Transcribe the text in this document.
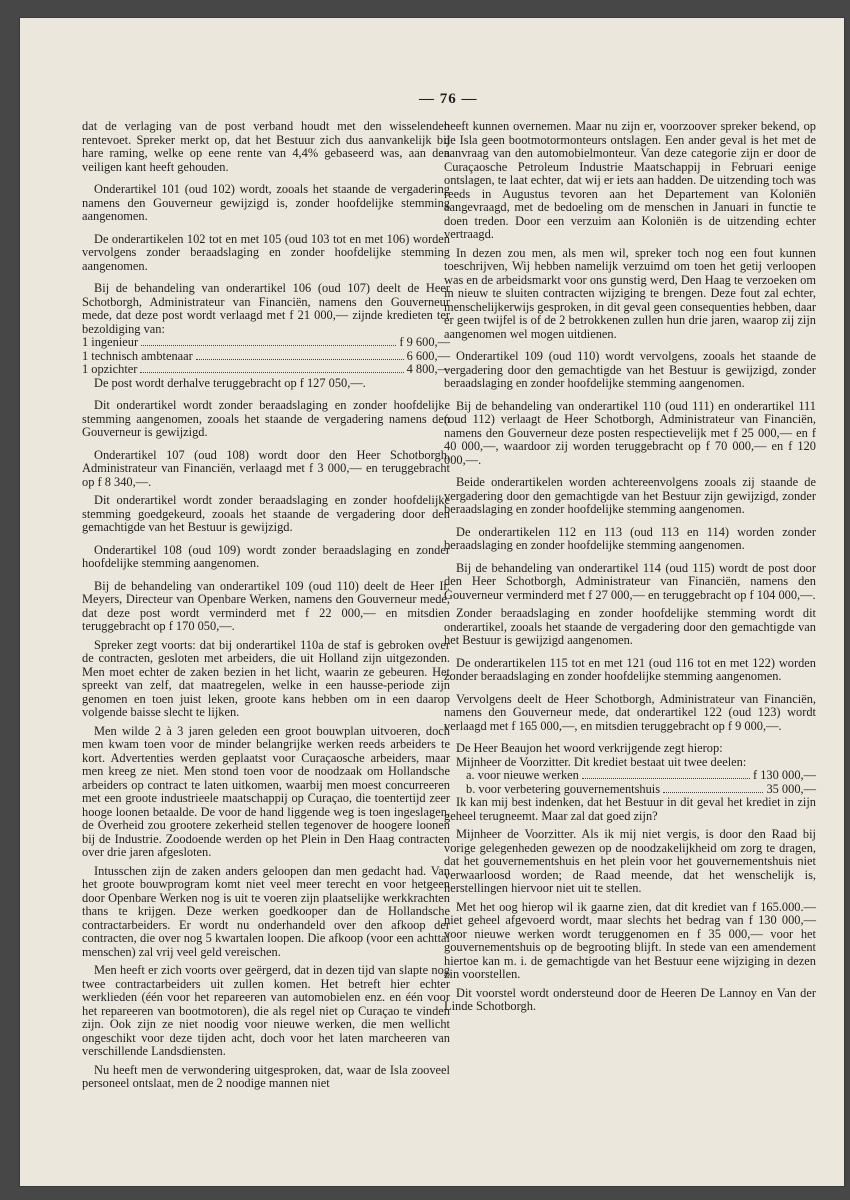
— 76 —

dat de verlaging van de post verband houdt met den wisselenden rentevoet. Spreker merkt op, dat het Bestuur zich dus aanvankelijk bij hare raming, welke op eene rente van 4,4% gebaseerd was, aan den veiligen kant heeft gehouden.

Onderartikel 101 (oud 102) wordt, zooals het staande de vergadering namens den Gouverneur gewijzigd is, zonder hoofdelijke stemming aangenomen.

De onderartikelen 102 tot en met 105 (oud 103 tot en met 106) worden vervolgens zonder beraadslaging en zonder hoofdelijke stemming aangenomen.

Bij de behandeling van onderartikel 106 (oud 107) deelt de Heer Schotborgh, Administrateur van Financiën, namens den Gouverneur mede, dat deze post wordt verlaagd met f 21 000,— zijnde kredieten ter bezoldiging van:

1 ingenieur	f 9 600,—
1 technisch ambtenaar	6 600,—
1 opzichter	4 800,—

De post wordt derhalve teruggebracht op f 127 050,—.

Dit onderartikel wordt zonder beraadslaging en zonder hoofdelijke stemming aangenomen, zooals het staande de vergadering namens den Gouverneur is gewijzigd.

Onderartikel 107 (oud 108) wordt door den Heer Schotborgh, Administrateur van Financiën, verlaagd met f 3 000,— en teruggebracht op f 8 340,—.

Dit onderartikel wordt zonder beraadslaging en zonder hoofdelijke stemming goedgekeurd, zooals het staande de vergadering door den gemachtigde van het Bestuur is gewijzigd.

Onderartikel 108 (oud 109) wordt zonder beraadslaging en zonder hoofdelijke stemming aangenomen.

Bij de behandeling van onderartikel 109 (oud 110) deelt de Heer Ir. Meyers, Directeur van Openbare Werken, namens den Gouverneur mede, dat deze post wordt verminderd met f 22 000,— en mitsdien teruggebracht op f 170 050,—.

Spreker zegt voorts: dat bij onderartikel 110a de staf is gebroken over de contracten, gesloten met arbeiders, die uit Holland zijn uitgezonden. Men moet echter de zaken bezien in het licht, waarin ze gebeuren. Het spreekt van zelf, dat maatregelen, welke in een hausse-periode zijn genomen en toen juist leken, groote kans hebben om in een daarop volgende baisse slecht te lijken.

Men wilde 2 à 3 jaren geleden een groot bouwplan uitvoeren, doch men kwam toen voor de minder belangrijke werken reeds arbeiders te kort. Advertenties werden geplaatst voor Curaçaosche arbeiders, maar men kreeg ze niet. Men stond toen voor de noodzaak om Hollandsche arbeiders op contract te laten uitkomen, waarbij men moest concurreeren met een groote industrieele maatschappij op Curaçao, die toentertijd zeer hooge loonen betaalde. De voor de hand liggende weg is toen ingeslagen, de Overheid zou grootere zekerheid stellen tegenover de hoogere loonen bij de Industrie. Zoodoende werden op het Plein in Den Haag contracten over drie jaren afgesloten.

Intusschen zijn de zaken anders geloopen dan men gedacht had. Van het groote bouwprogram komt niet veel meer terecht en voor hetgeen door Openbare Werken nog is uit te voeren zijn plaatselijke werkkrachten thans te krijgen. Deze werken goedkooper dan de Hollandsche contractarbeiders. Er wordt nu onderhandeld over den afkoop der contracten, die over nog 5 kwartalen loopen. Die afkoop (voor een achttal menschen) zal vrij veel geld vereischen.

Men heeft er zich voorts over geërgerd, dat in dezen tijd van slapte nog twee contractarbeiders uit zullen komen. Het betreft hier echter werklieden (één voor het repareeren van automobielen enz. en één voor het repareeren van bootmotoren), die als regel niet op Curaçao te vinden zijn. Ook zijn ze niet noodig voor nieuwe werken, die men wellicht ongeschikt voor deze tijden acht, doch voor het laten marcheeren van verschillende Landsdiensten.

Nu heeft men de verwondering uitgesproken, dat, waar de Isla zooveel personeel ontslaat, men de 2 noodige mannen niet

heeft kunnen overnemen. Maar nu zijn er, voorzoover spreker bekend, op de Isla geen bootmotormonteurs ontslagen. Een ander geval is het met de aanvraag van den automobielmonteur. Van deze categorie zijn er door de Curaçaosche Petroleum Industrie Maatschappij in Februari eenige ontslagen, te laat echter, dat wij er iets aan hadden. De uitzending toch was reeds in Augustus tevoren aan het Departement van Koloniën aangevraagd, met de bedoeling om de menschen in Januari in functie te doen treden. Door een verzuim aan Koloniën is de uitzending echter vertraagd.

In dezen zou men, als men wil, spreker toch nog een fout kunnen toeschrijven, Wij hebben namelijk verzuimd om toen het getij verloopen was en de arbeidsmarkt voor ons gunstig werd, Den Haag te verzoeken om in nieuw te sluiten contracten wijziging te brengen. Deze fout zal echter, menschelijkerwijs gesproken, in dit geval geen consequenties hebben, daar er geen twijfel is of de 2 betrokkenen zullen hun drie jaren, waarop zij zijn aangenomen wel mogen uitdienen.

Onderartikel 109 (oud 110) wordt vervolgens, zooals het staande de vergadering door den gemachtigde van het Bestuur is gewijzigd, zonder beraadslaging en zonder hoofdelijke stemming aangenomen.

Bij de behandeling van onderartikel 110 (oud 111) en onderartikel 111 (oud 112) verlaagt de Heer Schotborgh, Administrateur van Financiën, namens den Gouverneur deze posten respectievelijk met f 25 000,— en f 40 000,—, waardoor zij worden teruggebracht op f 70 000,— en f 120 000,—.

Beide onderartikelen worden achtereenvolgens zooals zij staande de vergadering door den gemachtigde van het Bestuur zijn gewijzigd, zonder beraadslaging en zonder hoofdelijke stemming aangenomen.

De onderartikelen 112 en 113 (oud 113 en 114) worden zonder beraadslaging en zonder hoofdelijke stemming aangenomen.

Bij de behandeling van onderartikel 114 (oud 115) wordt de post door den Heer Schotborgh, Administrateur van Financiën, namens den Gouverneur verminderd met f 27 000,— en teruggebracht op f 104 000,—.

Zonder beraadslaging en zonder hoofdelijke stemming wordt dit onderartikel, zooals het staande de vergadering door den gemachtigde van het Bestuur is gewijzigd aangenomen.

De onderartikelen 115 tot en met 121 (oud 116 tot en met 122) worden zonder beraadslaging en zonder hoofdelijke stemming aangenomen.

Vervolgens deelt de Heer Schotborgh, Administrateur van Financiën, namens den Gouverneur mede, dat onderartikel 122 (oud 123) wordt verlaagd met f 165 000,—, en mitsdien teruggebracht op f 9 000,—.

De Heer Beaujon het woord verkrijgende zegt hierop:

Mijnheer de Voorzitter. Dit krediet bestaat uit twee deelen:

a. voor nieuwe werken	f 130 000,—
b. voor verbetering gouvernementshuis	35 000,—

Ik kan mij best indenken, dat het Bestuur in dit geval het krediet in zijn geheel terugneemt. Maar zal dat goed zijn?

Mijnheer de Voorzitter. Als ik mij niet vergis, is door den Raad bij vorige gelegenheden gewezen op de noodzakelijkheid om zorg te dragen, dat het gouvernementshuis en het plein voor het gouvernementshuis niet verwaarloosd worden; de Raad meende, dat het wenschelijk is, herstellingen hiervoor niet uit te stellen.

Met het oog hierop wil ik gaarne zien, dat dit krediet van f 165.000.— niet geheel afgevoerd wordt, maar slechts het bedrag van f 130 000,— voor nieuwe werken wordt teruggenomen en f 35 000,— voor het gouvernementshuis op de begrooting blijft. In stede van een amendement hiertoe kan m. i. de gemachtigde van het Bestuur eene wijziging in dezen zin voorstellen.

Dit voorstel wordt ondersteund door de Heeren De Lannoy en Van der Linde Schotborgh.
